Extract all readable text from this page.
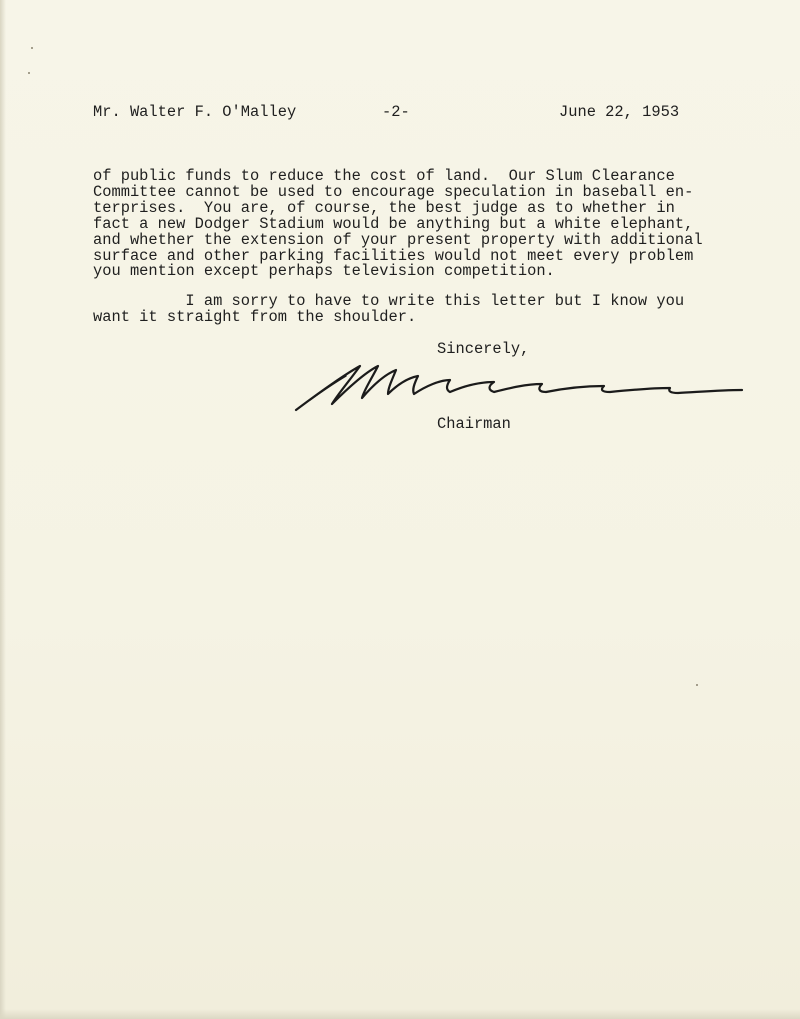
Mr. Walter F. O'Malley	-2-	June 22, 1953
of public funds to reduce the cost of land.  Our Slum Clearance
Committee cannot be used to encourage speculation in baseball en-
terprises.  You are, of course, the best judge as to whether in
fact a new Dodger Stadium would be anything but a white elephant,
and whether the extension of your present property with additional
surface and other parking facilities would not meet every problem
you mention except perhaps television competition.
I am sorry to have to write this letter but I know you
want it straight from the shoulder.
Sincerely,
Chairman
